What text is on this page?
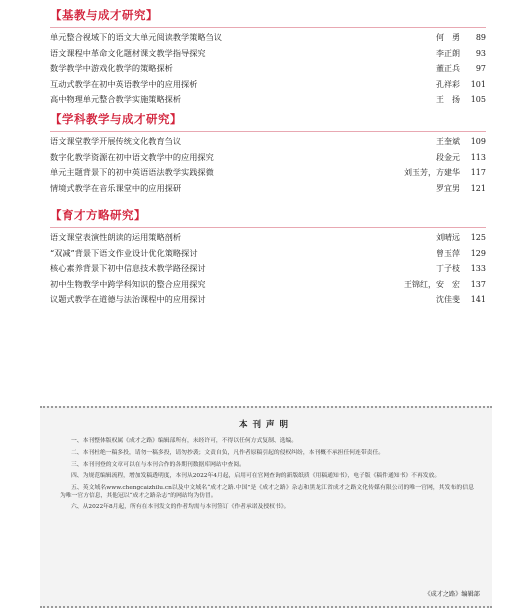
【基教与成才研究】
单元整合视域下的语文大单元阅读教学策略刍议	何　勇	89
语文课程中革命文化题材课文教学指导探究	李正朗	93
数学教学中游戏化教学的策略探析	董正兵	97
互动式教学在初中英语教学中的应用探析	孔祥彩	101
高中物理单元整合教学实施策略探析	王　扬	105
【学科教学与成才研究】
语文课堂教学开展传统文化教育刍议	王奎斌	109
数字化教学资源在初中语文教学中的应用探究	段金元	113
单元主题背景下的初中英语语法教学实践探微	刘玉芳，方建华	117
情境式教学在音乐课堂中的应用探研	罗宜男	121
【育才方略研究】
语文课堂表演性朗读的运用策略剖析	刘晴远	125
“双减”背景下语文作业设计优化策略探讨	曾玉萍	129
核心素养背景下初中信息技术教学路径探讨	丁子枝	133
初中生物教学中跨学科知识的整合应用探究	王锦红，安　宏	137
议题式教学在道德与法治课程中的应用探讨	沈佳斐	141
本刊声明

一、本刊整体版权属《成才之路》编辑部所有，未经许可，不得以任何方式复制、选编。

二、本刊杜绝一稿多投，请勿一稿多投，请勿抄袭；文责自负，凡作者原稿引起的侵权纠纷，本刊概不承担任何连带责任。

三、本刊刊登的文章可以在与本刊合作的各期刊数据库网站中查阅。

四、为规范编辑流程，增加发稿透明度，本刊从2022年4月起，启用可在官网查询的新版纸质《用稿通知书》，电子版《稿件通知书》不再发放。

五、英文域名www.chengcaizhilu.cn以及中文域名“成才之路.中国”是《成才之路》杂志和黑龙江省成才之路文化传媒有限公司的唯一官网，其发布的信息为唯一官方信息，其他冠以“成才之路杂志”的网站均为仿冒。

六、从2022年8月起，所有在本刊发文的作者均需与本刊签订《作者承诺及授权书》。

《成才之路》编辑部
